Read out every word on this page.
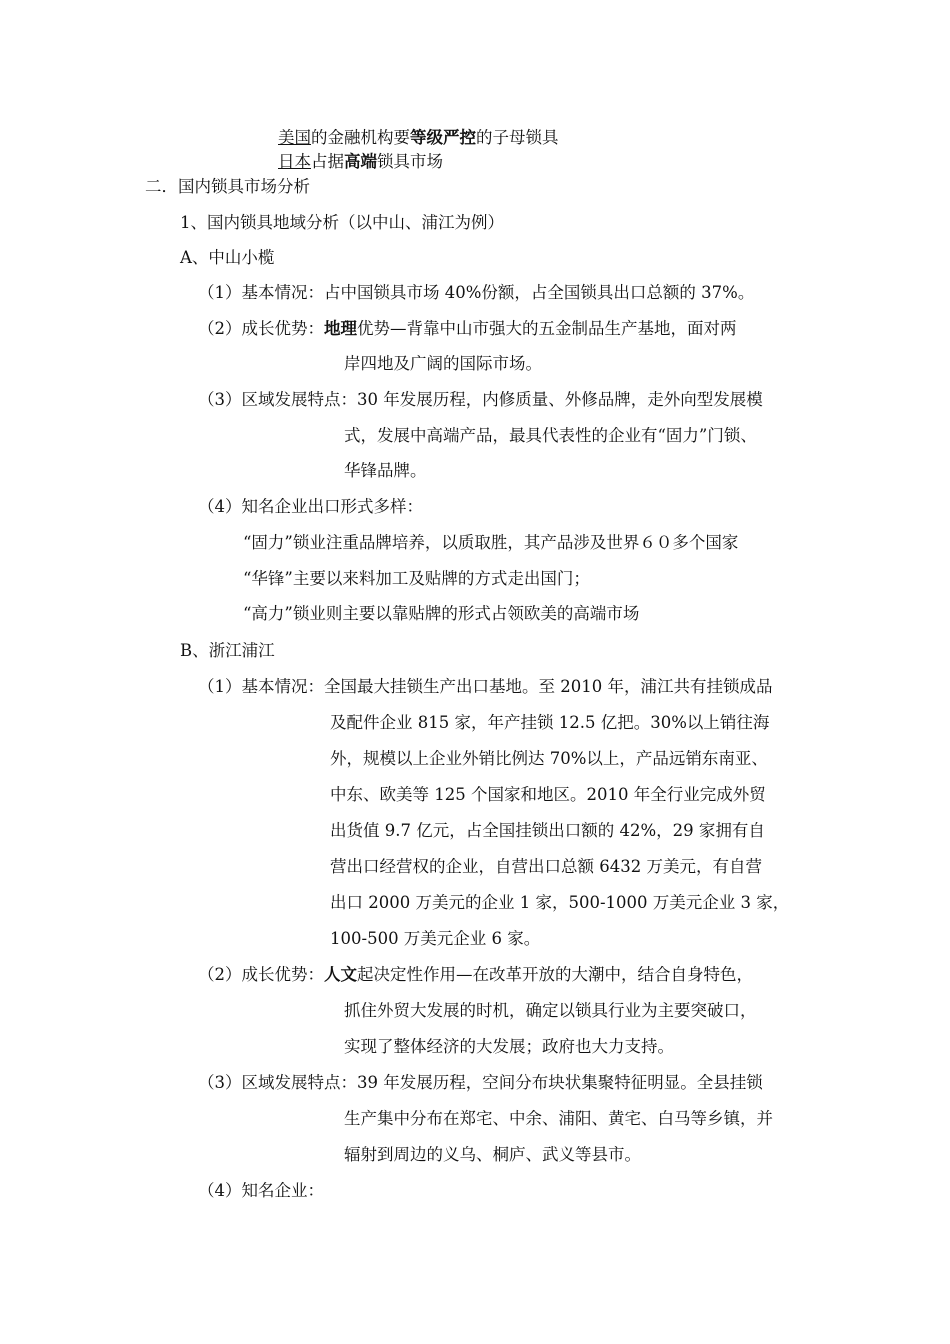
美国的金融机构要等级严控的子母锁具
日本占据高端锁具市场
二．国内锁具市场分析
1、国内锁具地域分析（以中山、浦江为例）
A、中山小榄
（1）基本情况：占中国锁具市场 40%份额，占全国锁具出口总额的 37%。
（2）成长优势：地理优势—背靠中山市强大的五金制品生产基地，面对两
岸四地及广阔的国际市场。
（3）区域发展特点：30 年发展历程，内修质量、外修品牌，走外向型发展模
式，发展中高端产品，最具代表性的企业有“固力”门锁、
华锋品牌。
（4）知名企业出口形式多样：
“固力”锁业注重品牌培养，以质取胜，其产品涉及世界６０多个国家
“华锋”主要以来料加工及贴牌的方式走出国门；
“高力”锁业则主要以靠贴牌的形式占领欧美的高端市场
B、浙江浦江
（1）基本情况：全国最大挂锁生产出口基地。至 2010 年，浦江共有挂锁成品
及配件企业 815 家，年产挂锁 12.5 亿把。30%以上销往海
外，规模以上企业外销比例达 70%以上，产品远销东南亚、
中东、欧美等 125 个国家和地区。2010 年全行业完成外贸
出货值 9.7 亿元，占全国挂锁出口额的 42%，29 家拥有自
营出口经营权的企业，自营出口总额 6432 万美元，有自营
出口 2000 万美元的企业 1 家，500-1000 万美元企业 3 家，
100-500 万美元企业 6 家。
（2）成长优势：人文起决定性作用—在改革开放的大潮中，结合自身特色，
抓住外贸大发展的时机，确定以锁具行业为主要突破口，
实现了整体经济的大发展；政府也大力支持。
（3）区域发展特点：39 年发展历程，空间分布块状集聚特征明显。全县挂锁
生产集中分布在郑宅、中余、浦阳、黄宅、白马等乡镇，并
辐射到周边的义乌、桐庐、武义等县市。
（4）知名企业：
